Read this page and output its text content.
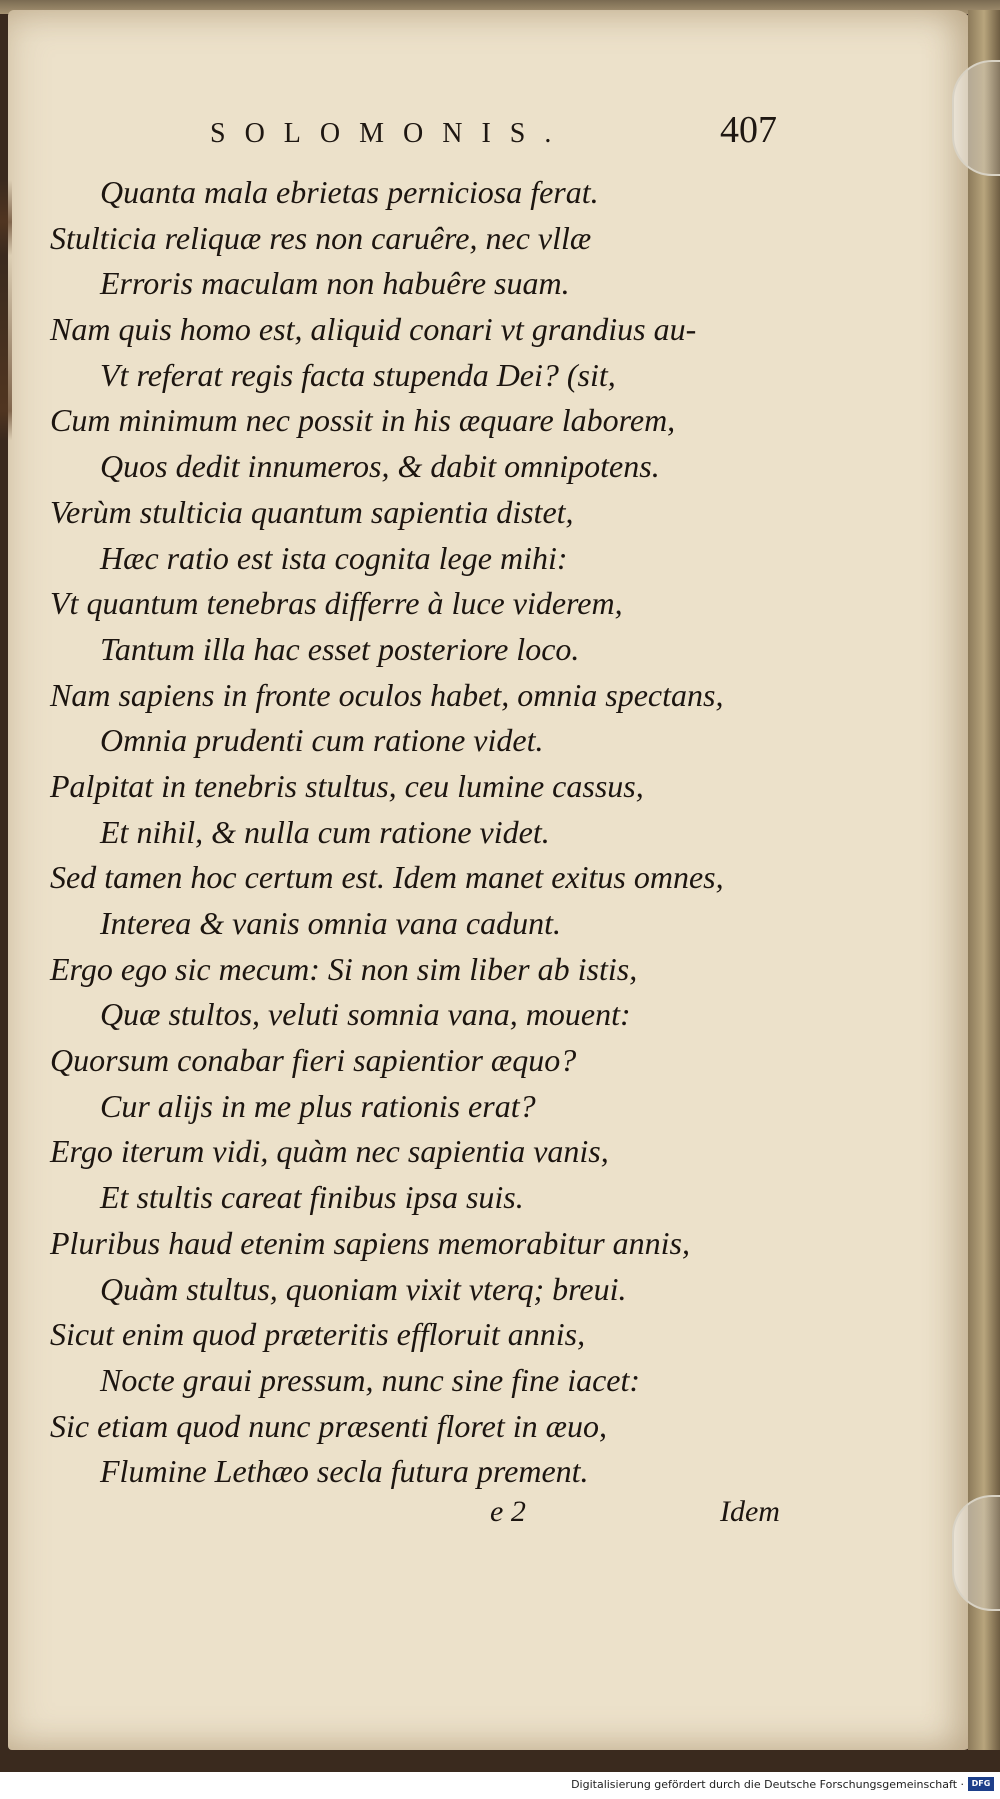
SOLOMONIS.	407
Quanta mala ebrietas perniciosa ferat.
Stulticia reliquæ res non caruêre, nec vllæ
Erroris maculam non habuêre suam.
Nam quis homo est, aliquid conari vt grandius au-
Vt referat regis facta stupenda Dei? (sit,
Cum minimum nec possit in his æquare laborem,
Quos dedit innumeros, & dabit omnipotens.
Verùm stulticia quantum sapientia distet,
Hæc ratio est ista cognita lege mihi:
Vt quantum tenebras differre à luce viderem,
Tantum illa hac esset posteriore loco.
Nam sapiens in fronte oculos habet, omnia spectans,
Omnia prudenti cum ratione videt.
Palpitat in tenebris stultus, ceu lumine cassus,
Et nihil, & nulla cum ratione videt.
Sed tamen hoc certum est. Idem manet exitus omnes,
Interea & vanis omnia vana cadunt.
Ergo ego sic mecum: Si non sim liber ab istis,
Quæ stultos, veluti somnia vana, mouent:
Quorsum conabar fieri sapientior æquo?
Cur alijs in me plus rationis erat?
Ergo iterum vidi, quàm nec sapientia vanis,
Et stultis careat finibus ipsa suis.
Pluribus haud etenim sapiens memorabitur annis,
Quàm stultus, quoniam vixit vterq; breui.
Sicut enim quod præteritis effloruit annis,
Nocte graui pressum, nunc sine fine iacet:
Sic etiam quod nunc præsenti floret in æuo,
Flumine Lethæo secla futura prement.
e 2	Idem
Digitalisierung gefördert durch die Deutsche Forschungsgemeinschaft · DFG
